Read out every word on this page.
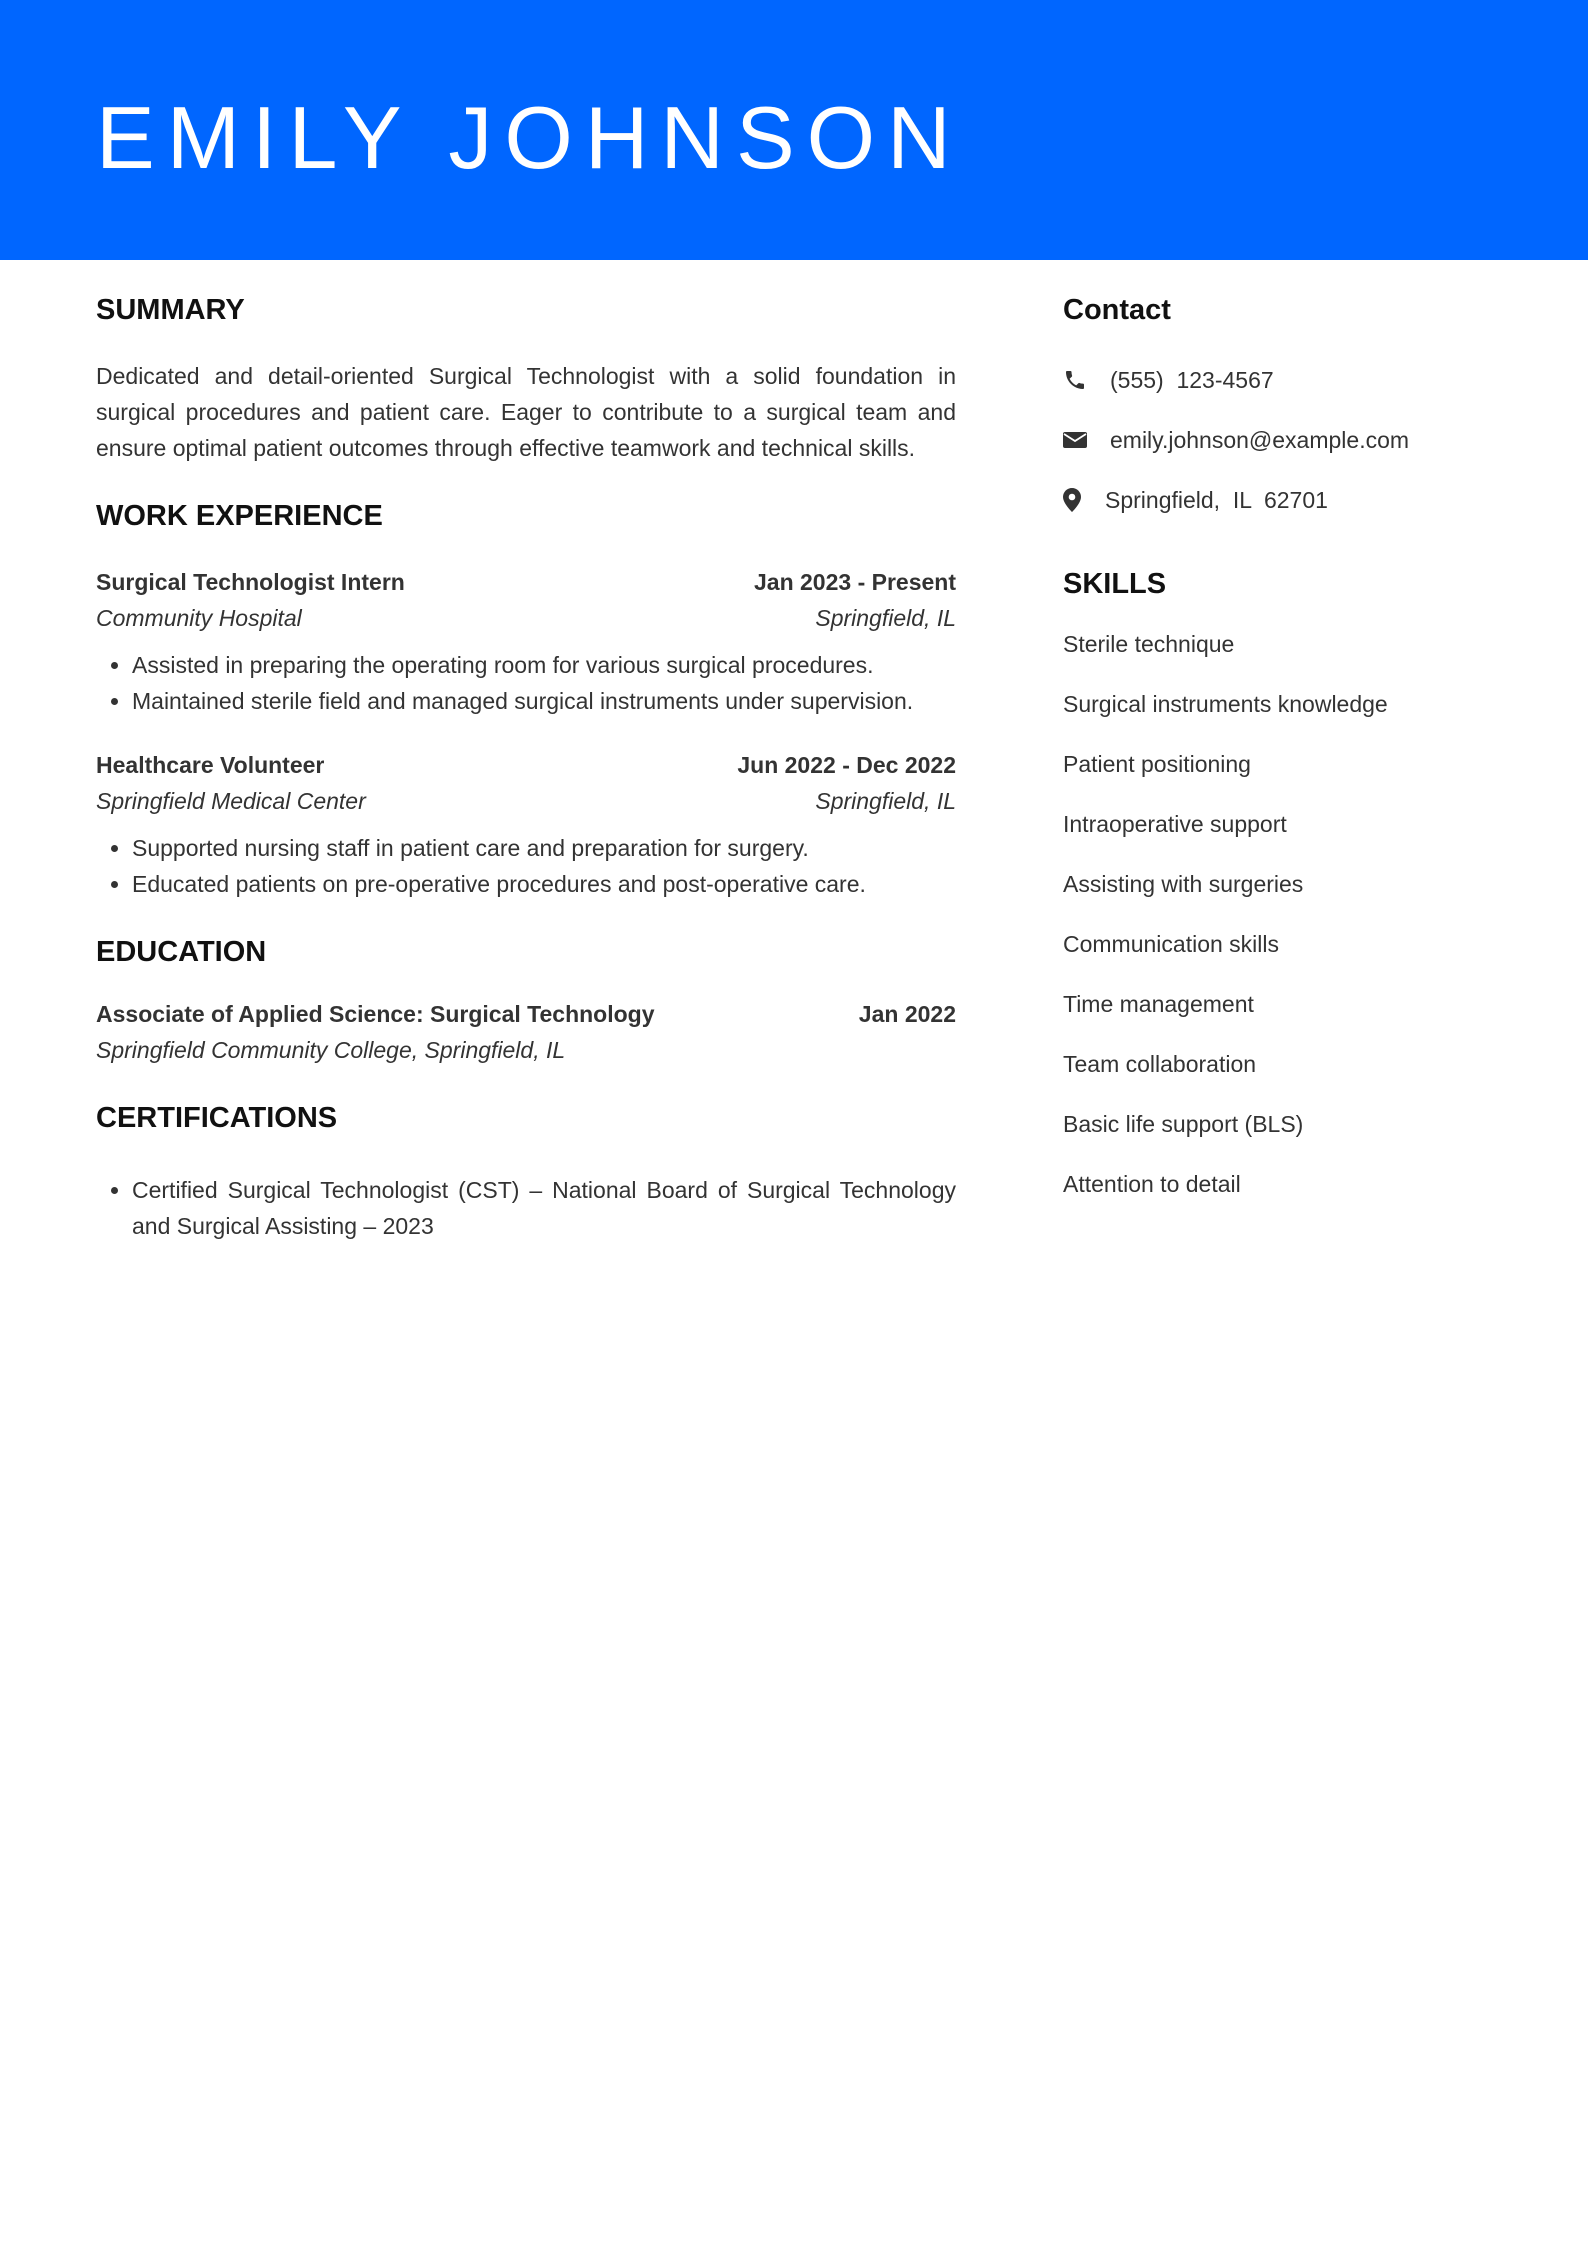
EMILY JOHNSON
SUMMARY

Dedicated and detail-oriented Surgical Technologist with a solid foundation in surgical procedures and patient care. Eager to contribute to a surgical team and ensure optimal patient outcomes through effective teamwork and technical skills.

WORK EXPERIENCE
Surgical Technologist Intern	Jan 2023 - Present
Community Hospital	Springfield, IL
• Assisted in preparing the operating room for various surgical procedures.
• Maintained sterile field and managed surgical instruments under supervision.
Healthcare Volunteer	Jun 2022 - Dec 2022
Springfield Medical Center	Springfield, IL
• Supported nursing staff in patient care and preparation for surgery.
• Educated patients on pre-operative procedures and post-operative care.
EDUCATION
Associate of Applied Science: Surgical Technology	Jan 2022
Springfield Community College, Springfield, IL
CERTIFICATIONS
• Certified Surgical Technologist (CST) – National Board of Surgical Technology and Surgical Assisting – 2023
Contact
(555)  123-4567
emily.johnson@example.com
Springfield,  IL  62701
SKILLS
Sterile technique
Surgical instruments knowledge
Patient positioning
Intraoperative support
Assisting with surgeries
Communication skills
Time management
Team collaboration
Basic life support (BLS)
Attention to detail
